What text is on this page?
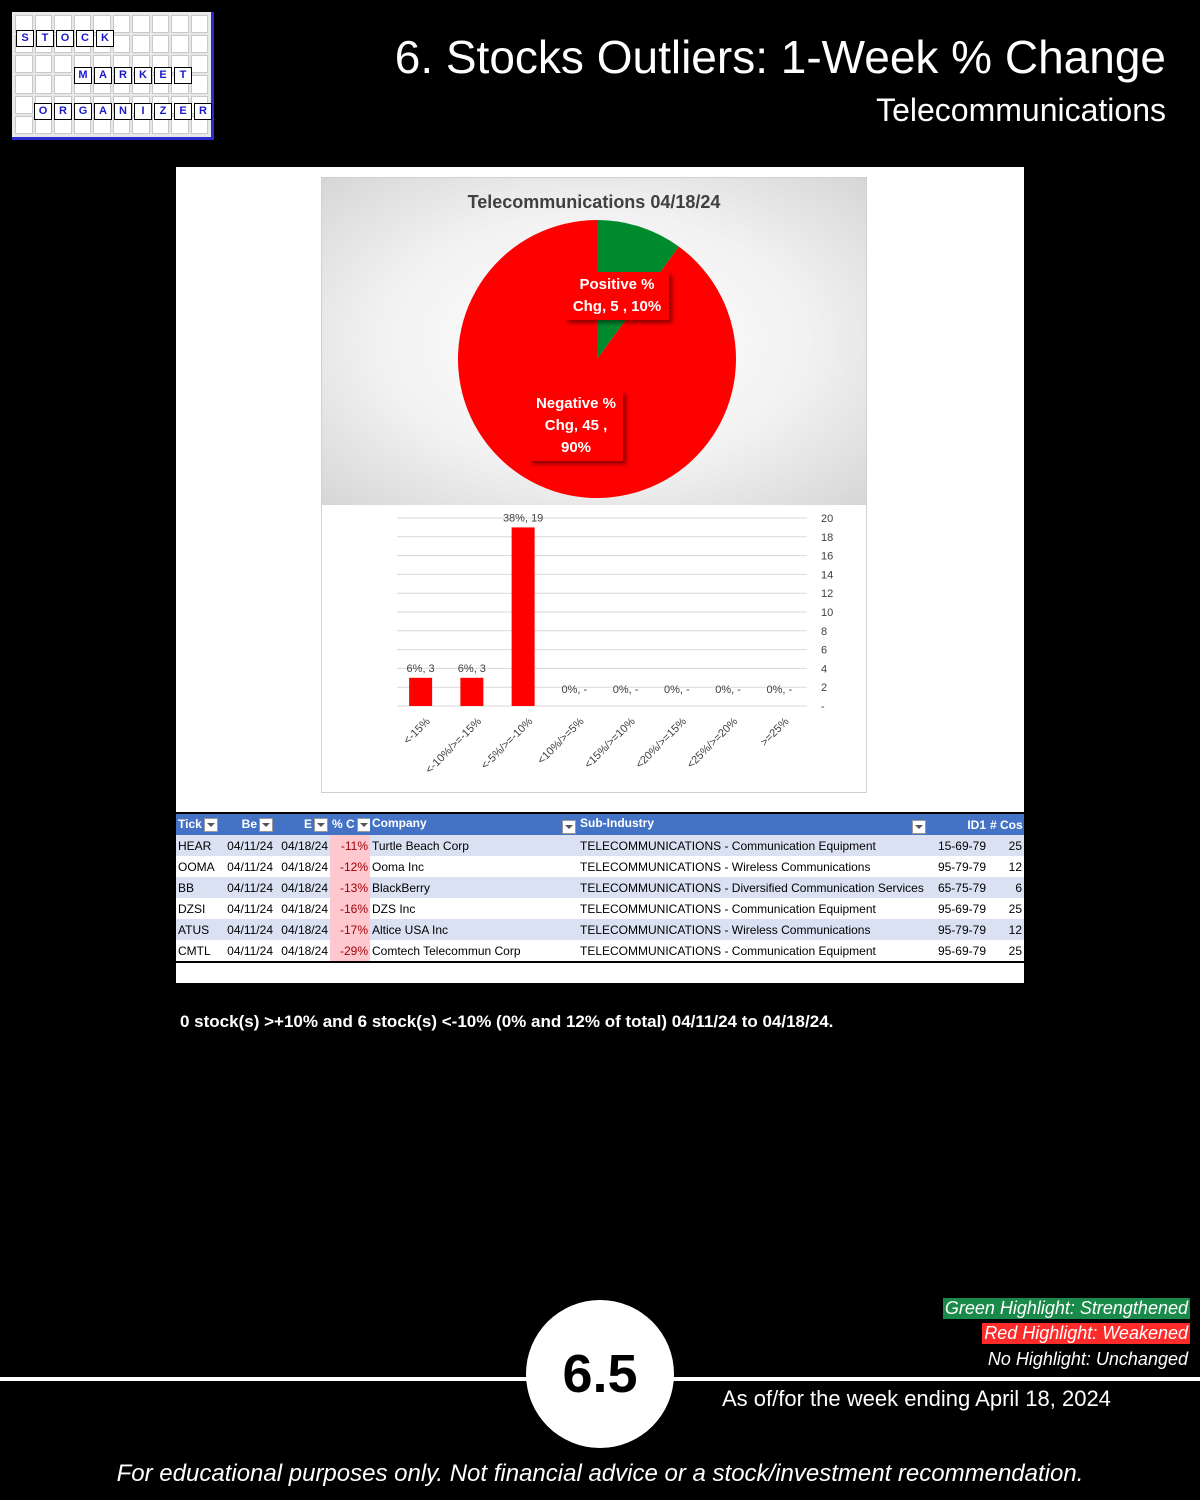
S	T	O	C	K
M	A	R	K	E	T
O	R	G	A	N	I	Z	E	R
6. Stocks Outliers: 1-Week % Change
Telecommunications
Telecommunications 04/18/24
Positive %
Chg, 5 , 10%
Negative %
Chg, 45 ,
90%
-
2
4
6
8
10
12
14
16
18
20
6%, 3
<-15%
6%, 3
<-10%/>=-15%
38%, 19
<-5%/>=-10%
0%, -
<10%/>=5%
0%, -
<15%/>=10%
0%, -
<20%/>=15%
0%, -
<25%/>=20%
0%, -
>=25%
Tick	Be	E	% C	Company	Sub-Industry	ID1	# Cos
HEAR	04/11/24	04/18/24	-11%	Turtle Beach Corp	TELECOMMUNICATIONS - Communication Equipment	15-69-79	25
OOMA	04/11/24	04/18/24	-12%	Ooma Inc	TELECOMMUNICATIONS - Wireless Communications	95-79-79	12
BB	04/11/24	04/18/24	-13%	BlackBerry	TELECOMMUNICATIONS - Diversified Communication Services	65-75-79	6
DZSI	04/11/24	04/18/24	-16%	DZS Inc	TELECOMMUNICATIONS - Communication Equipment	95-69-79	25
ATUS	04/11/24	04/18/24	-17%	Altice USA Inc	TELECOMMUNICATIONS - Wireless Communications	95-79-79	12
CMTL	04/11/24	04/18/24	-29%	Comtech Telecommun Corp	TELECOMMUNICATIONS - Communication Equipment	95-69-79	25
0 stock(s) >+10% and 6 stock(s) <-10% (0% and 12% of total) 04/11/24 to 04/18/24.
Green Highlight: Strengthened
Red Highlight: Weakened
No Highlight: Unchanged
6.5	As of/for the week ending April 18, 2024
For educational purposes only. Not financial advice or a stock/investment recommendation.
